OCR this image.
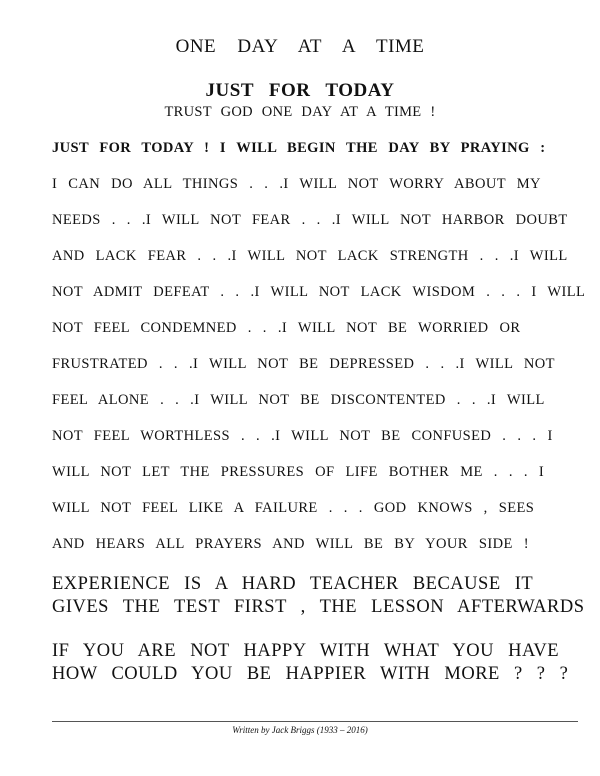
ONE DAY AT A TIME
JUST FOR TODAY
TRUST GOD ONE DAY AT A TIME !
JUST FOR TODAY ! I WILL BEGIN THE DAY BY PRAYING :
I CAN DO ALL THINGS . . .I WILL NOT WORRY ABOUT MY
NEEDS . . .I WILL NOT FEAR . . .I WILL NOT HARBOR DOUBT
AND LACK FEAR . . .I WILL NOT LACK STRENGTH . . .I WILL
NOT ADMIT DEFEAT . . .I WILL NOT LACK WISDOM . . . I WILL
NOT FEEL CONDEMNED . . .I WILL NOT BE WORRIED OR
FRUSTRATED . . .I WILL NOT BE DEPRESSED . . .I WILL NOT
FEEL ALONE . . .I WILL NOT BE DISCONTENTED . . .I WILL
NOT FEEL WORTHLESS . . .I WILL NOT BE CONFUSED . . . I
WILL NOT LET THE PRESSURES OF LIFE BOTHER ME . . . I
WILL NOT FEEL LIKE A FAILURE . . . GOD KNOWS , SEES
AND HEARS ALL PRAYERS AND WILL BE BY YOUR SIDE !
EXPERIENCE IS A HARD TEACHER BECAUSE IT
GIVES THE TEST FIRST , THE LESSON AFTERWARDS
IF YOU ARE NOT HAPPY WITH WHAT YOU HAVE
HOW COULD YOU BE HAPPIER WITH MORE ? ? ?
Written by Jack Briggs (1933 – 2016)
